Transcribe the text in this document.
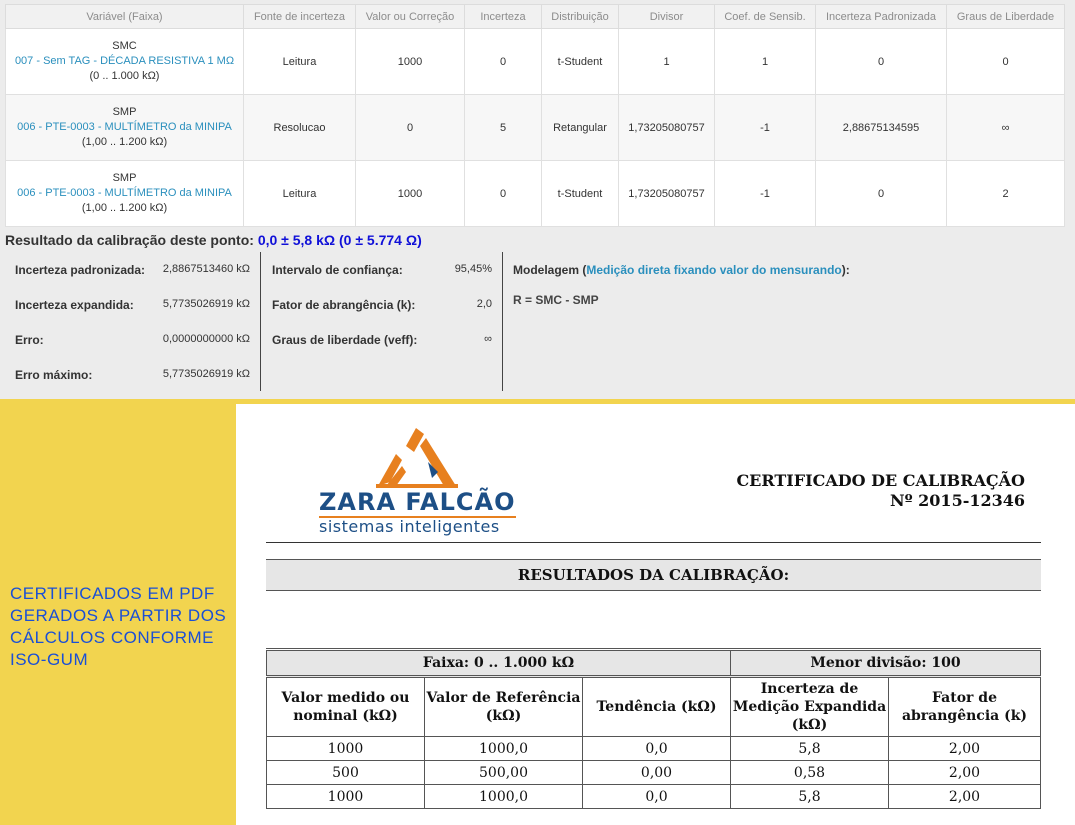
Variável (Faixa)	Fonte de incerteza	Valor ou Correção	Incerteza	Distribuição	Divisor	Coef. de Sensib.	Incerteza Padronizada	Graus de Liberdade

SMC
007 - Sem TAG - DÉCADA RESISTIVA 1 MΩ
(0 .. 1.000 kΩ)	Leitura	1000	0	t-Student	1	1	0	0

SMP
006 - PTE-0003 - MULTÍMETRO da MINIPA
(1,00 .. 1.200 kΩ)	Resolucao	0	5	Retangular	1,73205080757	-1	2,88675134595	∞

SMP
006 - PTE-0003 - MULTÍMETRO da MINIPA
(1,00 .. 1.200 kΩ)	Leitura	1000	0	t-Student	1,73205080757	-1	0	2
Resultado da calibração deste ponto: 0,0 ± 5,8 kΩ (0 ± 5.774 Ω)
Incerteza padronizada: 2,8867513460 kΩ
Incerteza expandida:	5,7735026919 kΩ
Erro:	0,0000000000 kΩ
Erro máximo:	5,7735026919 kΩ
Intervalo de confiança:	95,45%
Fator de abrangência (k):	2,0
Graus de liberdade (veff):	∞
Modelagem (Medição direta fixando valor do mensurando):
R = SMC - SMP
CERTIFICADOS EM PDF GERADOS A PARTIR DOS CÁLCULOS CONFORME ISO-GUM
ZARA FALCÃO
sistemas inteligentes
CERTIFICADO DE CALIBRAÇÃO
Nº 2015-12346
RESULTADOS DA CALIBRAÇÃO:
Faixa: 0 .. 1.000 kΩ			Menor divisão: 100	
Valor medido ou nominal (kΩ)	Valor de Referência (kΩ)	Tendência (kΩ)	Incerteza de Medição Expandida (kΩ)	Fator de abrangência (k)
1000	1000,0	0,0	5,8	2,00
500	500,00	0,00	0,58	2,00
1000	1000,0	0,0	5,8	2,00
